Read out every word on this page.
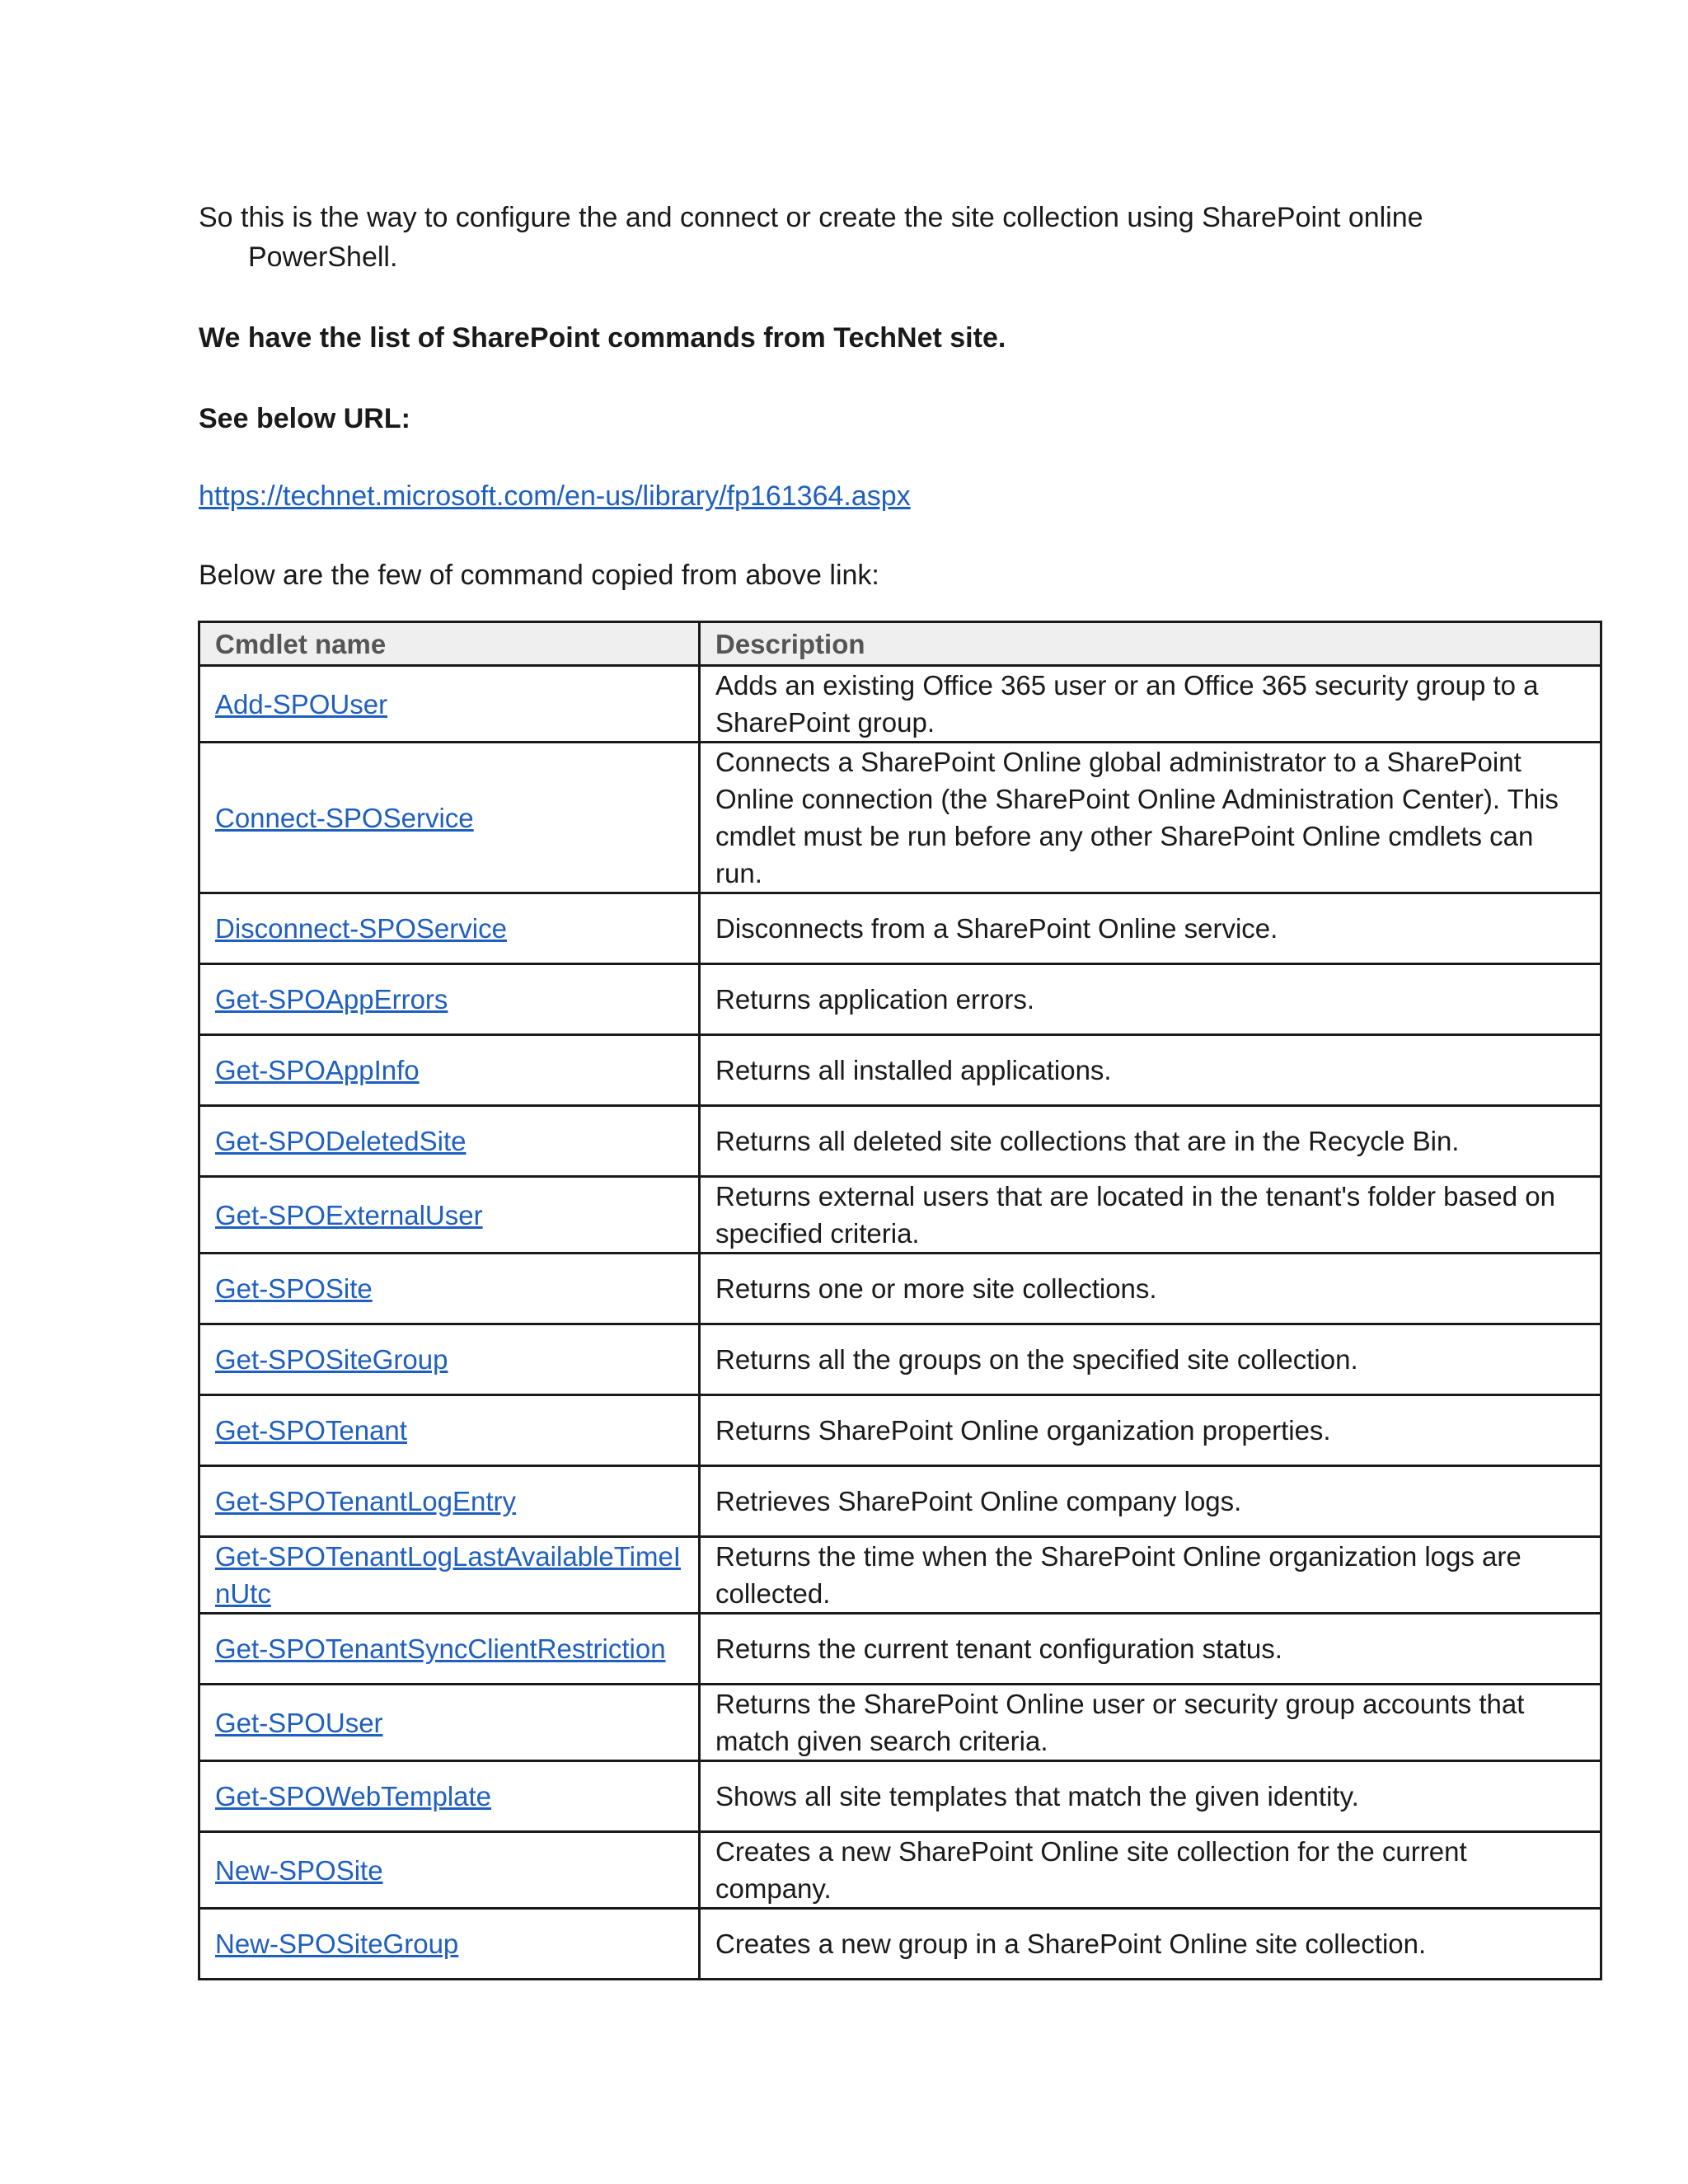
So this is the way to configure the and connect or create the site collection using SharePoint online
PowerShell.

We have the list of SharePoint commands from TechNet site.

See below URL:

https://technet.microsoft.com/en-us/library/fp161364.aspx

Below are the few of command copied from above link:

Cmdlet name	Description
Add-SPOUser	Adds an existing Office 365 user or an Office 365 security group to a SharePoint group.
Connect-SPOService	Connects a SharePoint Online global administrator to a SharePoint Online connection (the SharePoint Online Administration Center). This cmdlet must be run before any other SharePoint Online cmdlets can run.
Disconnect-SPOService	Disconnects from a SharePoint Online service.
Get-SPOAppErrors	Returns application errors.
Get-SPOAppInfo	Returns all installed applications.
Get-SPODeletedSite	Returns all deleted site collections that are in the Recycle Bin.
Get-SPOExternalUser	Returns external users that are located in the tenant's folder based on specified criteria.
Get-SPOSite	Returns one or more site collections.
Get-SPOSiteGroup	Returns all the groups on the specified site collection.
Get-SPOTenant	Returns SharePoint Online organization properties.
Get-SPOTenantLogEntry	Retrieves SharePoint Online company logs.
Get-SPOTenantLogLastAvailableTimeInUtc	Returns the time when the SharePoint Online organization logs are collected.
Get-SPOTenantSyncClientRestriction	Returns the current tenant configuration status.
Get-SPOUser	Returns the SharePoint Online user or security group accounts that match given search criteria.
Get-SPOWebTemplate	Shows all site templates that match the given identity.
New-SPOSite	Creates a new SharePoint Online site collection for the current company.
New-SPOSiteGroup	Creates a new group in a SharePoint Online site collection.
